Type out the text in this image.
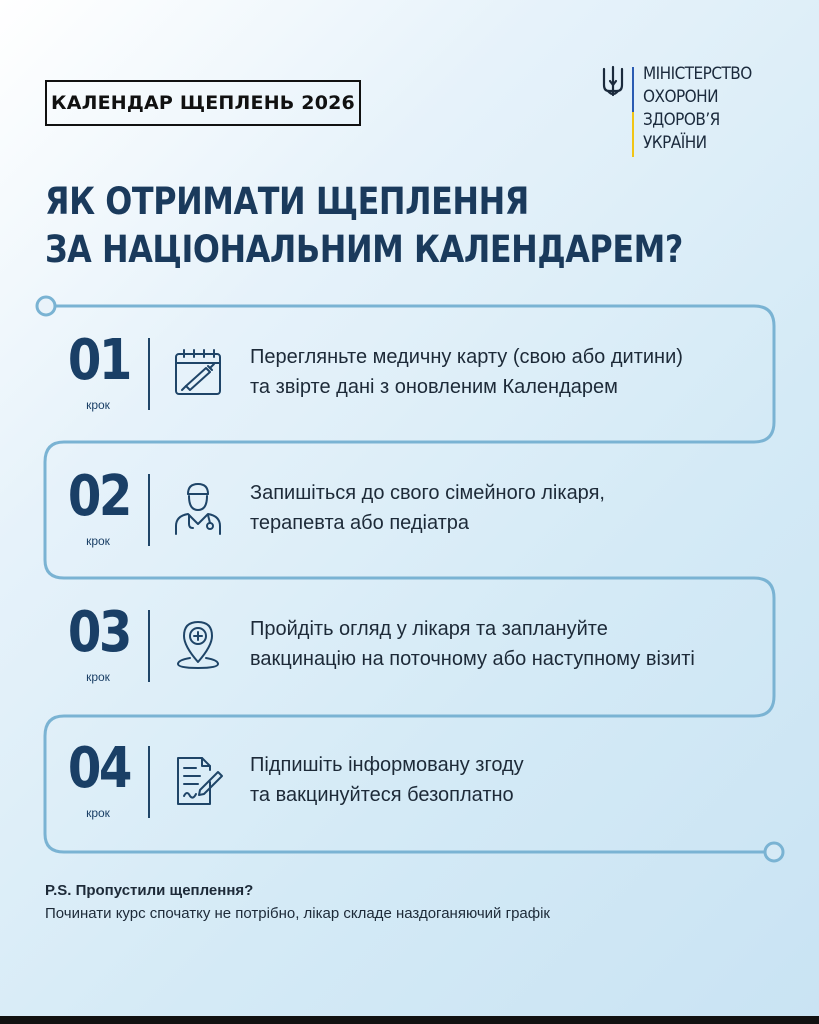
КАЛЕНДАР ЩЕПЛЕНЬ 2026
МІНІСТЕРСТВО
ОХОРОНИ
ЗДОРОВ’Я
УКРАЇНИ
ЯК ОТРИМАТИ ЩЕПЛЕННЯ
ЗА НАЦІОНАЛЬНИМ КАЛЕНДАРЕМ?
01
крок
Перегляньте медичну карту (свою або дитини)
та звірте дані з оновленим Календарем
02
крок
Запишіться до свого сімейного лікаря,
терапевта або педіатра
03
крок
Пройдіть огляд у лікаря та заплануйте
вакцинацію на поточному або наступному візиті
04
крок
Підпишіть інформовану згоду
та вакцинуйтеся безоплатно
P.S. Пропустили щеплення?
Починати курс спочатку не потрібно, лікар складе наздоганяючий графік
